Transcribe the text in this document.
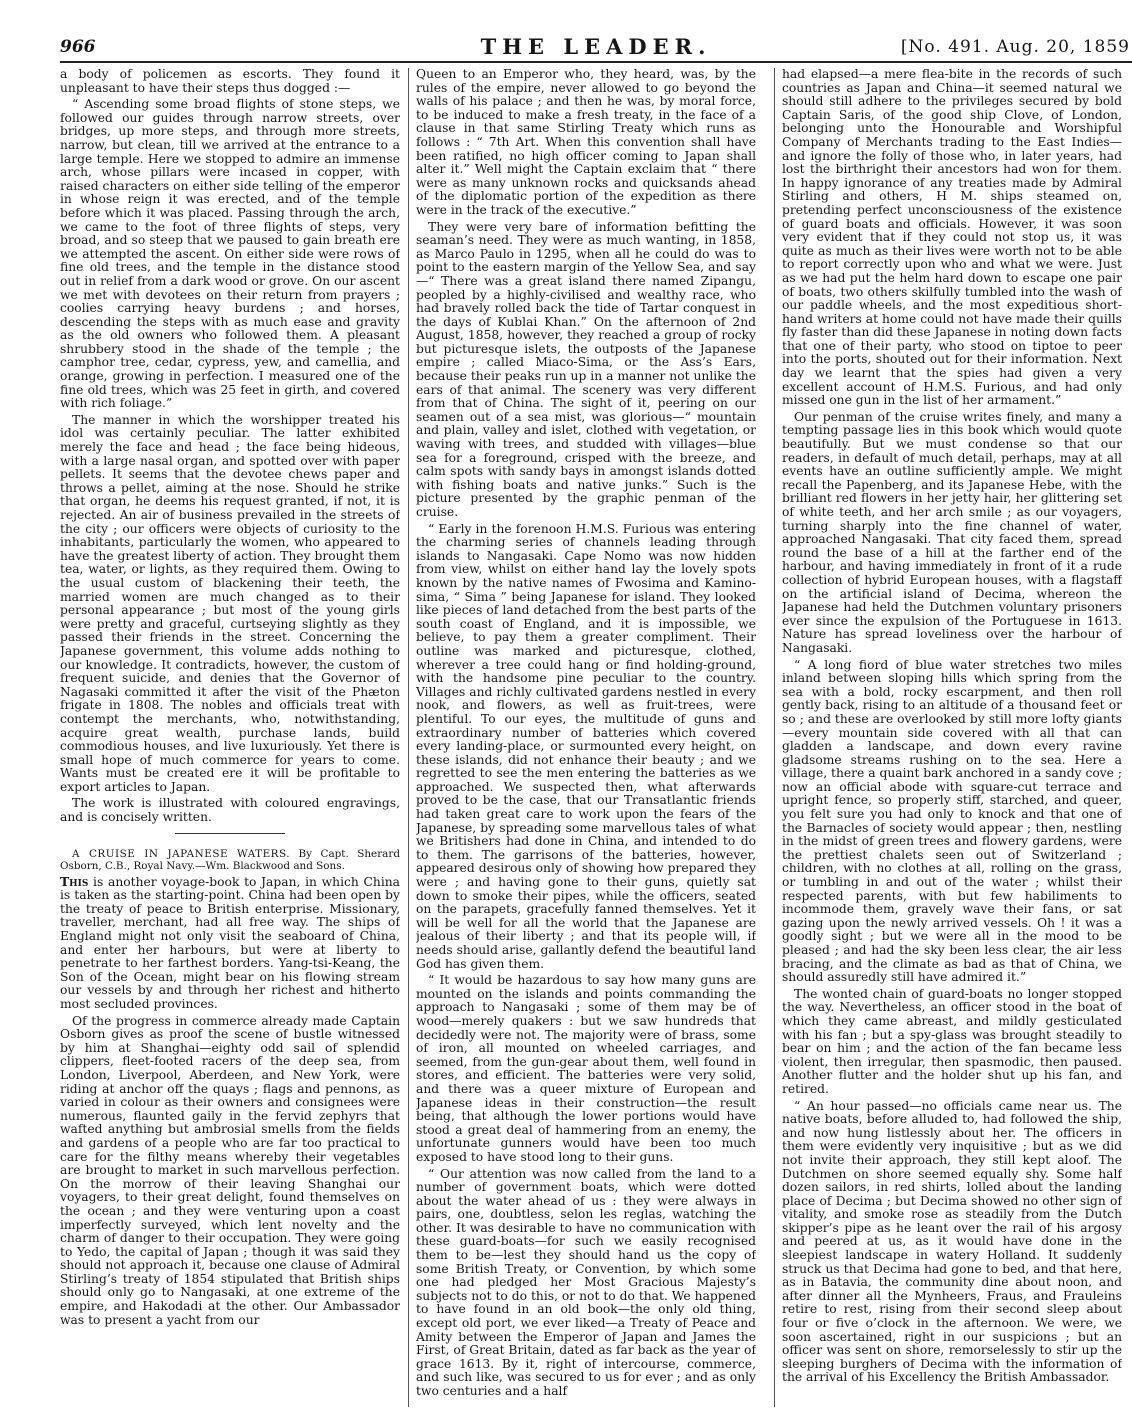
966	THE LEADER.	[No. 491. Aug. 20, 1859

a body of policemen as escorts. They found it unpleasant to have their steps thus dogged :—

“ Ascending some broad flights of stone steps, we followed our guides through narrow streets, over bridges, up more steps, and through more streets, narrow, but clean, till we arrived at the entrance to a large temple. Here we stopped to admire an immense arch, whose pillars were incased in copper, with raised characters on either side telling of the emperor in whose reign it was erected, and of the temple before which it was placed. Passing through the arch, we came to the foot of three flights of steps, very broad, and so steep that we paused to gain breath ere we attempted the ascent. On either side were rows of fine old trees, and the temple in the distance stood out in relief from a dark wood or grove. On our ascent we met with devotees on their return from prayers ; coolies carrying heavy burdens ; and horses, descending the steps with as much ease and gravity as the old owners who followed them. A pleasant shrubbery stood in the shade of the temple ; the camphor tree, cedar, cypress, yew, and camellia, and orange, growing in perfection. I measured one of the fine old trees, which was 25 feet in girth, and covered with rich foliage.”

The manner in which the worshipper treated his idol was certainly peculiar. The latter exhibited merely the face and head ; the face being hideous, with a large nasal organ, and spotted over with paper pellets. It seems that the devotee chews paper and throws a pellet, aiming at the nose. Should he strike that organ, he deems his request granted, if not, it is rejected. An air of business prevailed in the streets of the city ; our officers were objects of curiosity to the inhabitants, particularly the women, who appeared to have the greatest liberty of action. They brought them tea, water, or lights, as they required them. Owing to the usual custom of blackening their teeth, the married women are much changed as to their personal appearance ; but most of the young girls were pretty and graceful, curtseying slightly as they passed their friends in the street. Concerning the Japanese government, this volume adds nothing to our knowledge. It contradicts, however, the custom of frequent suicide, and denies that the Governor of Nagasaki committed it after the visit of the Phæton frigate in 1808. The nobles and officials treat with contempt the merchants, who, notwithstanding, acquire great wealth, purchase lands, build commodious houses, and live luxuriously. Yet there is small hope of much commerce for years to come. Wants must be created ere it will be profitable to export articles to Japan.

The work is illustrated with coloured engravings, and is concisely written.

A CRUISE IN JAPANESE WATERS. By Capt. Sherard Osborn, C.B., Royal Navy.—Wm. Blackwood and Sons.

This is another voyage-book to Japan, in which China is taken as the starting-point. China had been open by the treaty of peace to British enterprise. Missionary, traveller, merchant, had all free way. The ships of England might not only visit the seaboard of China, and enter her harbours, but were at liberty to penetrate to her farthest borders. Yang-tsi-Keang, the Son of the Ocean, might bear on his flowing stream our vessels by and through her richest and hitherto most secluded provinces.

Of the progress in commerce already made Captain Osborn gives as proof the scene of bustle witnessed by him at Shanghai—eighty odd sail of splendid clippers, fleet-footed racers of the deep sea, from London, Liverpool, Aberdeen, and New York, were riding at anchor off the quays ; flags and pennons, as varied in colour as their owners and consignees were numerous, flaunted gaily in the fervid zephyrs that wafted anything but ambrosial smells from the fields and gardens of a people who are far too practical to care for the filthy means whereby their vegetables are brought to market in such marvellous perfection. On the morrow of their leaving Shanghai our voyagers, to their great delight, found themselves on the ocean ; and they were venturing upon a coast imperfectly surveyed, which lent novelty and the charm of danger to their occupation. They were going to Yedo, the capital of Japan ; though it was said they should not approach it, because one clause of Admiral Stirling’s treaty of 1854 stipulated that British ships should only go to Nangasaki, at one extreme of the empire, and Hakodadi at the other. Our Ambassador was to present a yacht from our

Queen to an Emperor who, they heard, was, by the rules of the empire, never allowed to go beyond the walls of his palace ; and then he was, by moral force, to be induced to make a fresh treaty, in the face of a clause in that same Stirling Treaty which runs as follows : “ 7th Art. When this convention shall have been ratified, no high officer coming to Japan shall alter it.” Well might the Captain exclaim that “ there were as many unknown rocks and quicksands ahead of the diplomatic portion of the expedition as there were in the track of the executive.”

They were very bare of information befitting the seaman’s need. They were as much wanting, in 1858, as Marco Paulo in 1295, when all he could do was to point to the eastern margin of the Yellow Sea, and say—“ There was a great island there named Zipangu, peopled by a highly-civilised and wealthy race, who had bravely rolled back the tide of Tartar conquest in the days of Kublai Khan.” On the afternoon of 2nd August, 1858, however, they reached a group of rocky but picturesque islets, the outposts of the Japanese empire ; called Miaco-Sima, or the Ass’s Ears, because their peaks run up in a manner not unlike the ears of that animal. The scenery was very different from that of China. The sight of it, peering on our seamen out of a sea mist, was glorious—“ mountain and plain, valley and islet, clothed with vegetation, or waving with trees, and studded with villages—blue sea for a foreground, crisped with the breeze, and calm spots with sandy bays in amongst islands dotted with fishing boats and native junks.” Such is the picture presented by the graphic penman of the cruise.

“ Early in the forenoon H.M.S. Furious was entering the charming series of channels leading through islands to Nangasaki. Cape Nomo was now hidden from view, whilst on either hand lay the lovely spots known by the native names of Fwosima and Kamino-sima, “ Sima ” being Japanese for island. They looked like pieces of land detached from the best parts of the south coast of England, and it is impossible, we believe, to pay them a greater compliment. Their outline was marked and picturesque, clothed, wherever a tree could hang or find holding-ground, with the handsome pine peculiar to the country. Villages and richly cultivated gardens nestled in every nook, and flowers, as well as fruit-trees, were plentiful. To our eyes, the multitude of guns and extraordinary number of batteries which covered every landing-place, or surmounted every height, on these islands, did not enhance their beauty ; and we regretted to see the men entering the batteries as we approached. We suspected then, what afterwards proved to be the case, that our Transatlantic friends had taken great care to work upon the fears of the Japanese, by spreading some marvellous tales of what we Britishers had done in China, and intended to do to them. The garrisons of the batteries, however, appeared desirous only of showing how prepared they were ; and having gone to their guns, quietly sat down to smoke their pipes, while the officers, seated on the parapets, gracefully fanned themselves. Yet it will be well for all the world that the Japanese are jealous of their liberty ; and that its people will, if needs should arise, gallantly defend the beautiful land God has given them.

“ It would be hazardous to say how many guns are mounted on the islands and points commanding the approach to Nangasaki ; some of them may be of wood—merely quakers : but we saw hundreds that decidedly were not. The majority were of brass, some of iron, all mounted on wheeled carriages, and seemed, from the gun-gear about them, well found in stores, and efficient. The batteries were very solid, and there was a queer mixture of European and Japanese ideas in their construction—the result being, that although the lower portions would have stood a great deal of hammering from an enemy, the unfortunate gunners would have been too much exposed to have stood long to their guns.

“ Our attention was now called from the land to a number of government boats, which were dotted about the water ahead of us : they were always in pairs, one, doubtless, selon les reglas, watching the other. It was desirable to have no communication with these guard-boats—for such we easily recognised them to be—lest they should hand us the copy of some British Treaty, or Convention, by which some one had pledged her Most Gracious Majesty’s subjects not to do this, or not to do that. We happened to have found in an old book—the only old thing, except old port, we ever liked—a Treaty of Peace and Amity between the Emperor of Japan and James the First, of Great Britain, dated as far back as the year of grace 1613. By it, right of intercourse, commerce, and such like, was secured to us for ever ; and as only two centuries and a half

had elapsed—a mere flea-bite in the records of such countries as Japan and China—it seemed natural we should still adhere to the privileges secured by bold Captain Saris, of the good ship Clove, of London, belonging unto the Honourable and Worshipful Company of Merchants trading to the East Indies—and ignore the folly of those who, in later years, had lost the birthright their ancestors had won for them. In happy ignorance of any treaties made by Admiral Stirling and others, H M. ships steamed on, pretending perfect unconsciousness of the existence of guard boats and officials. However, it was soon very evident that if they could not stop us, it was quite as much as their lives were worth not to be able to report correctly upon who and what we were. Just as we had put the helm hard down to escape one pair of boats, two others skilfully tumbled into the wash of our paddle wheels, and the most expeditious short-hand writers at home could not have made their quills fly faster than did these Japanese in noting down facts that one of their party, who stood on tiptoe to peer into the ports, shouted out for their information. Next day we learnt that the spies had given a very excellent account of H.M.S. Furious, and had only missed one gun in the list of her armament.”

Our penman of the cruise writes finely, and many a tempting passage lies in this book which would quote beautifully. But we must condense so that our readers, in default of much detail, perhaps, may at all events have an outline sufficiently ample. We might recall the Papenberg, and its Japanese Hebe, with the brilliant red flowers in her jetty hair, her glittering set of white teeth, and her arch smile ; as our voyagers, turning sharply into the fine channel of water, approached Nangasaki. That city faced them, spread round the base of a hill at the farther end of the harbour, and having immediately in front of it a rude collection of hybrid European houses, with a flagstaff on the artificial island of Decima, whereon the Japanese had held the Dutchmen voluntary prisoners ever since the expulsion of the Portuguese in 1613. Nature has spread loveliness over the harbour of Nangasaki.

“ A long fiord of blue water stretches two miles inland between sloping hills which spring from the sea with a bold, rocky escarpment, and then roll gently back, rising to an altitude of a thousand feet or so ; and these are overlooked by still more lofty giants—every mountain side covered with all that can gladden a landscape, and down every ravine gladsome streams rushing on to the sea. Here a village, there a quaint bark anchored in a sandy cove ; now an official abode with square-cut terrace and upright fence, so properly stiff, starched, and queer, you felt sure you had only to knock and that one of the Barnacles of society would appear ; then, nestling in the midst of green trees and flowery gardens, were the prettiest chalets seen out of Switzerland ; children, with no clothes at all, rolling on the grass, or tumbling in and out of the water ; whilst their respected parents, with but few habiliments to incommode them, gravely wave their fans, or sat gazing upon the newly arrived vessels. Oh ! it was a goodly sight ; but we were all in the mood to be pleased ; and had the sky been less clear, the air less bracing, and the climate as bad as that of China, we should assuredly still have admired it.”

The wonted chain of guard-boats no longer stopped the way. Nevertheless, an officer stood in the boat of which they came abreast, and mildly gesticulated with his fan ; but a spy-glass was brought steadily to bear on him ; and the action of the fan became less violent, then irregular, then spasmodic, then paused. Another flutter and the holder shut up his fan, and retired.

“ An hour passed—no officials came near us. The native boats, before alluded to, had followed the ship, and now hung listlessly about her. The officers in them were evidently very inquisitive ; but as we did not invite their approach, they still kept aloof. The Dutchmen on shore seemed equally shy. Some half dozen sailors, in red shirts, lolled about the landing place of Decima ; but Decima showed no other sign of vitality, and smoke rose as steadily from the Dutch skipper’s pipe as he leant over the rail of his argosy and peered at us, as it would have done in the sleepiest landscape in watery Holland. It suddenly struck us that Decima had gone to bed, and that here, as in Batavia, the community dine about noon, and after dinner all the Mynheers, Fraus, and Frauleins retire to rest, rising from their second sleep about four or five o’clock in the afternoon. We were, we soon ascertained, right in our suspicions ; but an officer was sent on shore, remorselessly to stir up the sleeping burghers of Decima with the information of the arrival of his Excellency the British Ambassador.
